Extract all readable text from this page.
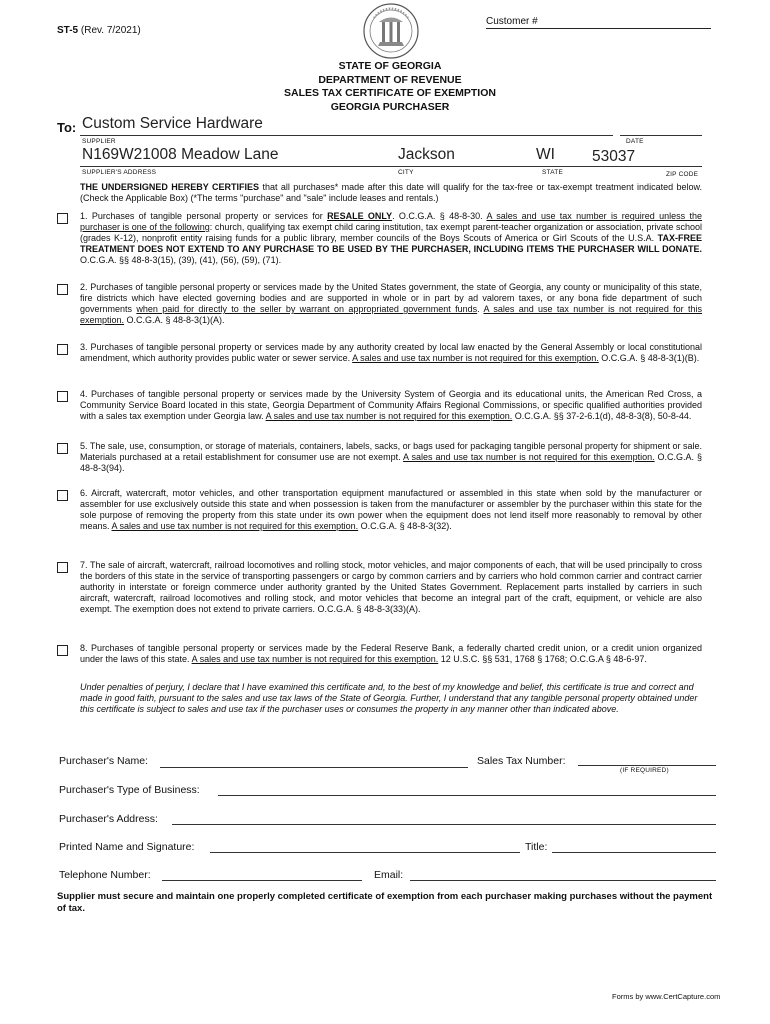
ST-5 (Rev. 7/2021)
Customer #
STATE OF GEORGIA
DEPARTMENT OF REVENUE
SALES TAX CERTIFICATE OF EXEMPTION
GEORGIA PURCHASER
To: Custom Service Hardware
SUPPLIER	DATE
N169W21008 Meadow Lane	Jackson	WI 53037
SUPPLIER'S ADDRESS	CITY	STATE	ZIP CODE
THE UNDERSIGNED HEREBY CERTIFIES that all purchases* made after this date will qualify for the tax-free or tax-exempt treatment indicated below. (Check the Applicable Box) (*The terms "purchase" and "sale" include leases and rentals.)
1. Purchases of tangible personal property or services for RESALE ONLY. O.C.G.A. § 48-8-30. A sales and use tax number is required unless the purchaser is one of the following: church, qualifying tax exempt child caring institution, tax exempt parent-teacher organization or association, private school (grades K-12), nonprofit entity raising funds for a public library, member councils of the Boys Scouts of America or Girl Scouts of the U.S.A. TAX-FREE TREATMENT DOES NOT EXTEND TO ANY PURCHASE TO BE USED BY THE PURCHASER, INCLUDING ITEMS THE PURCHASER WILL DONATE. O.C.G.A. §§ 48-8-3(15), (39), (41), (56), (59), (71).
2. Purchases of tangible personal property or services made by the United States government, the state of Georgia, any county or municipality of this state, fire districts which have elected governing bodies and are supported in whole or in part by ad valorem taxes, or any bona fide department of such governments when paid for directly to the seller by warrant on appropriated government funds. A sales and use tax number is not required for this exemption. O.C.G.A. § 48-8-3(1)(A).
3. Purchases of tangible personal property or services made by any authority created by local law enacted by the General Assembly or local constitutional amendment, which authority provides public water or sewer service. A sales and use tax number is not required for this exemption. O.C.G.A. § 48-8-3(1)(B).
4. Purchases of tangible personal property or services made by the University System of Georgia and its educational units, the American Red Cross, a Community Service Board located in this state, Georgia Department of Community Affairs Regional Commissions, or specific qualified authorities provided with a sales tax exemption under Georgia law. A sales and use tax number is not required for this exemption. O.C.G.A. §§ 37-2-6.1(d), 48-8-3(8), 50-8-44.
5. The sale, use, consumption, or storage of materials, containers, labels, sacks, or bags used for packaging tangible personal property for shipment or sale. Materials purchased at a retail establishment for consumer use are not exempt. A sales and use tax number is not required for this exemption. O.C.G.A. § 48-8-3(94).
6. Aircraft, watercraft, motor vehicles, and other transportation equipment manufactured or assembled in this state when sold by the manufacturer or assembler for use exclusively outside this state and when possession is taken from the manufacturer or assembler by the purchaser within this state for the sole purpose of removing the property from this state under its own power when the equipment does not lend itself more reasonably to removal by other means. A sales and use tax number is not required for this exemption. O.C.G.A. § 48-8-3(32).
7. The sale of aircraft, watercraft, railroad locomotives and rolling stock, motor vehicles, and major components of each, that will be used principally to cross the borders of this state in the service of transporting passengers or cargo by common carriers and by carriers who hold common carrier and contract carrier authority in interstate or foreign commerce under authority granted by the United States Government. Replacement parts installed by carriers in such aircraft, watercraft, railroad locomotives and rolling stock, and motor vehicles that become an integral part of the craft, equipment, or vehicle are also exempt. The exemption does not extend to private carriers. O.C.G.A. § 48-8-3(33)(A).
8. Purchases of tangible personal property or services made by the Federal Reserve Bank, a federally charted credit union, or a credit union organized under the laws of this state. A sales and use tax number is not required for this exemption. 12 U.S.C. §§ 531, 1768 § 1768; O.C.G.A § 48-6-97.
Under penalties of perjury, I declare that I have examined this certificate and, to the best of my knowledge and belief, this certificate is true and correct and made in good faith, pursuant to the sales and use tax laws of the State of Georgia. Further, I understand that any tangible personal property obtained under this certificate is subject to sales and use tax if the purchaser uses or consumes the property in any manner other than indicated above.
Purchaser's Name:	Sales Tax Number:
(IF REQUIRED)
Purchaser's Type of Business:
Purchaser's Address:
Printed Name and Signature:	Title:
Telephone Number:	Email:
Supplier must secure and maintain one properly completed certificate of exemption from each purchaser making purchases without the payment of tax.
Forms by www.CertCapture.com
